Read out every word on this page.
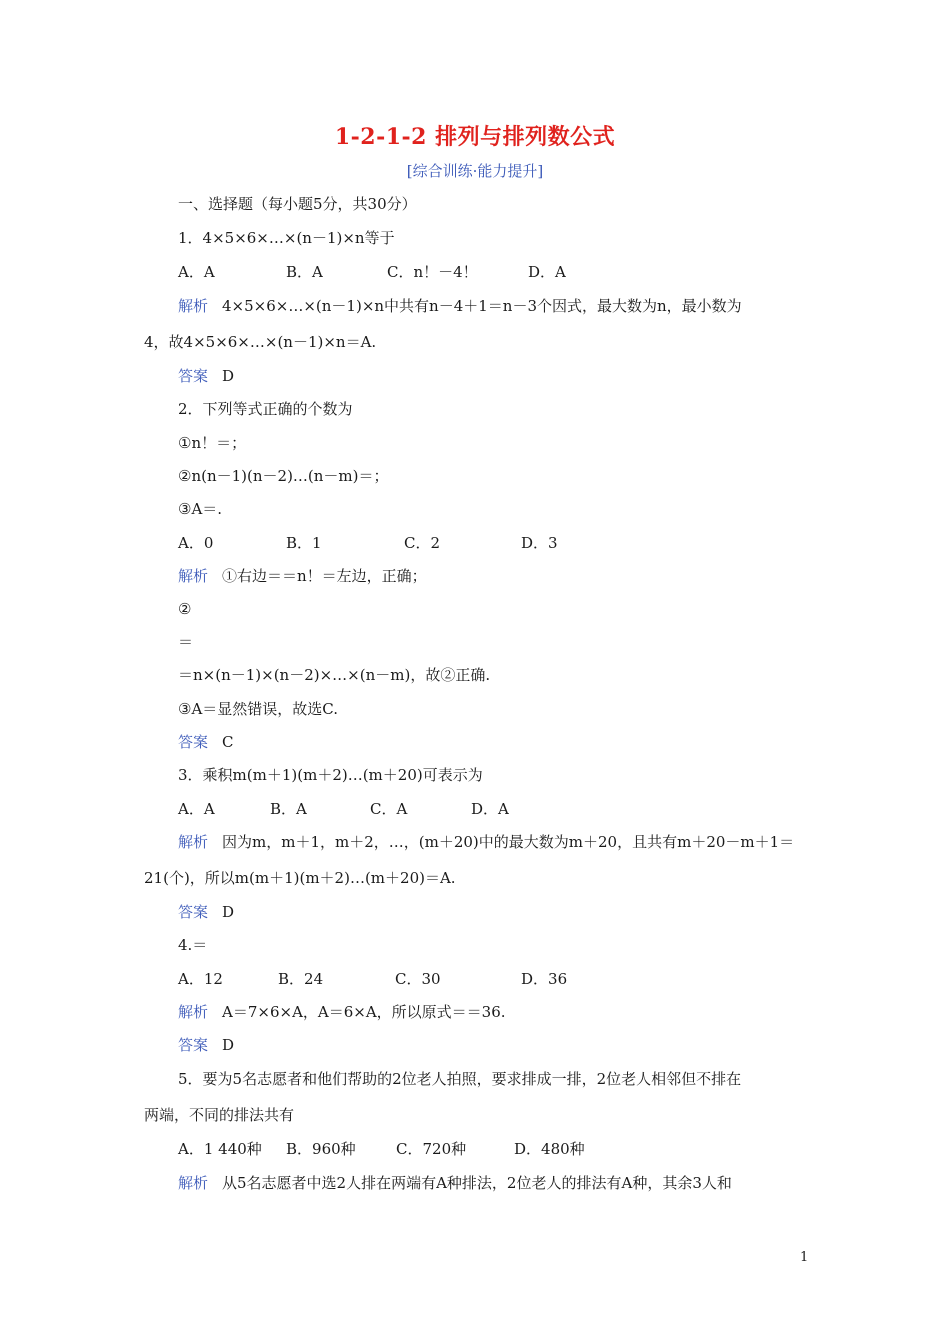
1-2-1-2 排列与排列数公式
[综合训练·能力提升]
一、选择题（每小题5分，共30分）
1．4×5×6×…×(n－1)×n等于
A．A	B．A	C．n！－4！	D．A
解析 4×5×6×…×(n－1)×n中共有n－4＋1＝n－3个因式，最大数为n，最小数为
4，故4×5×6×…×(n－1)×n＝A.
答案 D
2．下列等式正确的个数为
①n！＝；
②n(n－1)(n－2)…(n－m)＝；
③A＝.
A．0	B．1	C．2	D．3
解析 ①右边＝＝n！＝左边，正确；
②
＝
＝n×(n－1)×(n－2)×…×(n－m)，故②正确.
③A＝显然错误，故选C.
答案 C
3．乘积m(m＋1)(m＋2)…(m＋20)可表示为
A．A	B．A	C．A	D．A
解析 因为m，m＋1，m＋2，…，(m＋20)中的最大数为m＋20，且共有m＋20－m＋1＝
21(个)，所以m(m＋1)(m＋2)…(m＋20)＝A.
答案 D
4.＝
A．12	B．24	C．30	D．36
解析 A＝7×6×A，A＝6×A，所以原式＝＝36.
答案 D
5．要为5名志愿者和他们帮助的2位老人拍照，要求排成一排，2位老人相邻但不排在
两端，不同的排法共有
A．1 440种 B．960种	C．720种	D．480种
解析 从5名志愿者中选2人排在两端有A种排法，2位老人的排法有A种，其余3人和
1
